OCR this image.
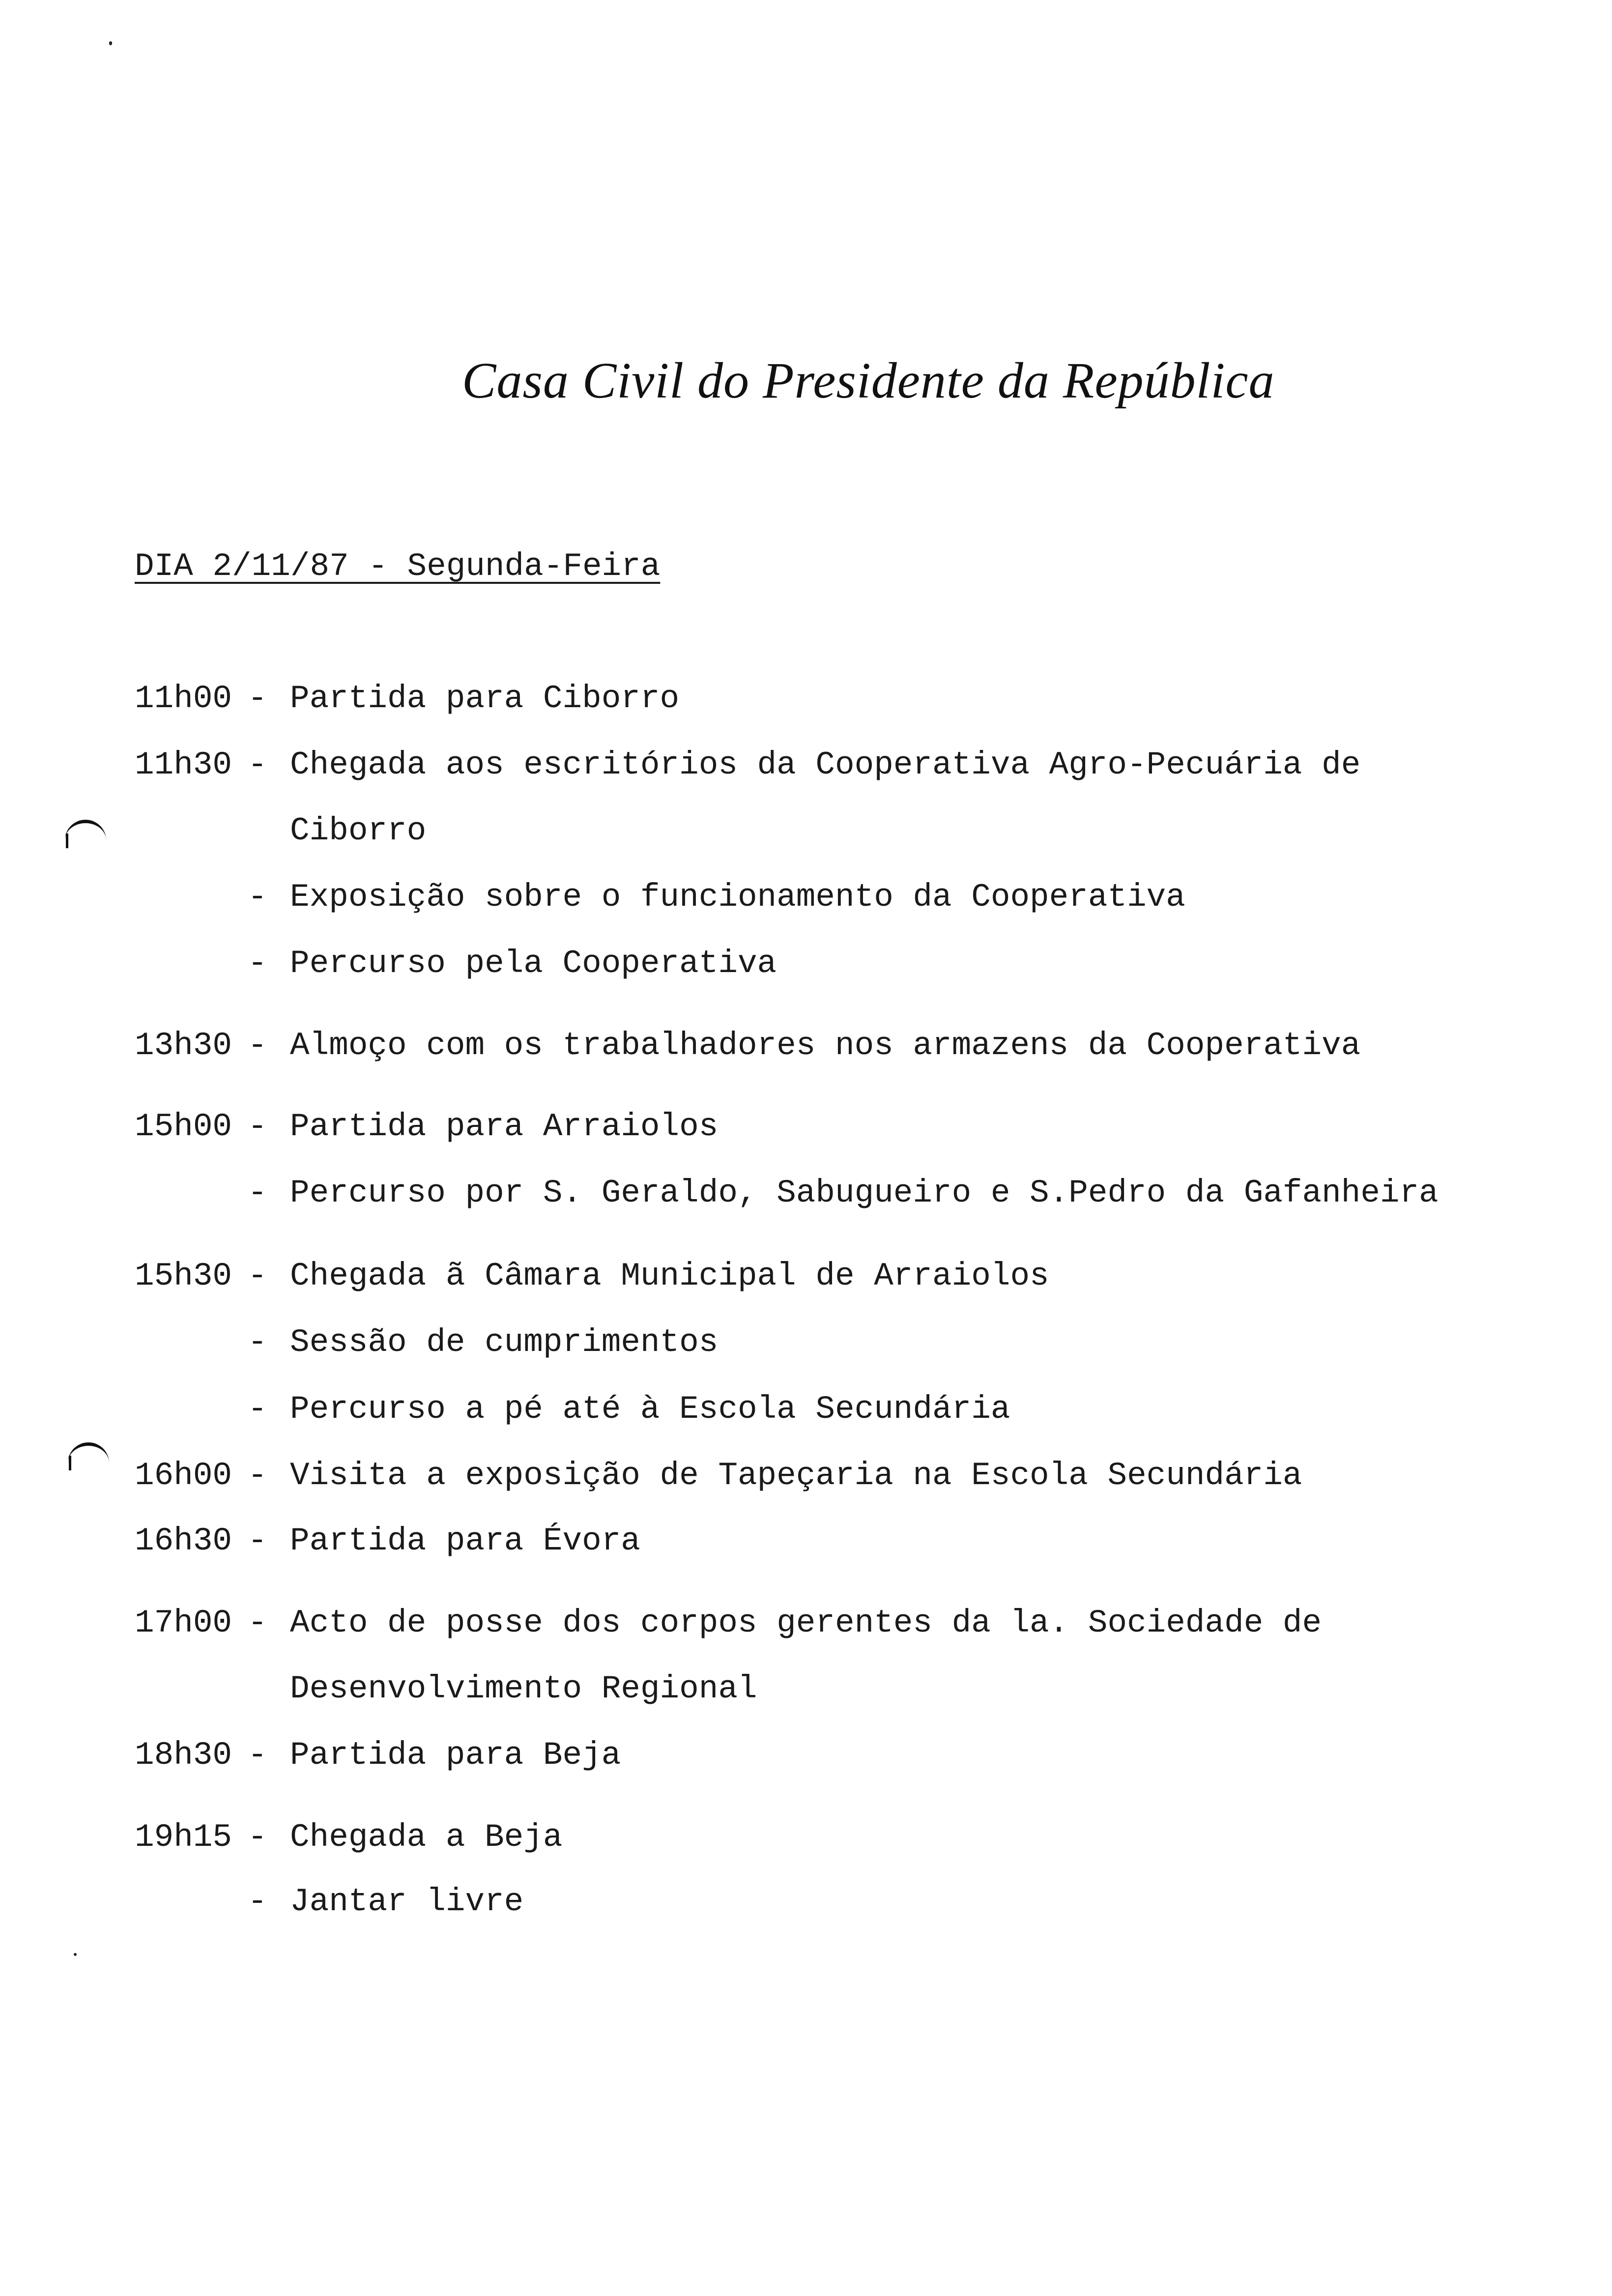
Casa Civil do Presidente da República
DIA 2/11/87 - Segunda-Feira
11h00 - Partida para Ciborro
11h30 - Chegada aos escritórios da Cooperativa Agro-Pecuária de
Ciborro
- Exposição sobre o funcionamento da Cooperativa
- Percurso pela Cooperativa
13h30 - Almoço com os trabalhadores nos armazens da Cooperativa
15h00 - Partida para Arraiolos
- Percurso por S. Geraldo, Sabugueiro e S.Pedro da Gafanheira
15h30 - Chegada ã Câmara Municipal de Arraiolos
- Sessão de cumprimentos
- Percurso a pé até à Escola Secundária
16h00 - Visita a exposição de Tapeçaria na Escola Secundária
16h30 - Partida para Évora
17h00 - Acto de posse dos corpos gerentes da la. Sociedade de
Desenvolvimento Regional
18h30 - Partida para Beja
19h15 - Chegada a Beja
- Jantar livre
